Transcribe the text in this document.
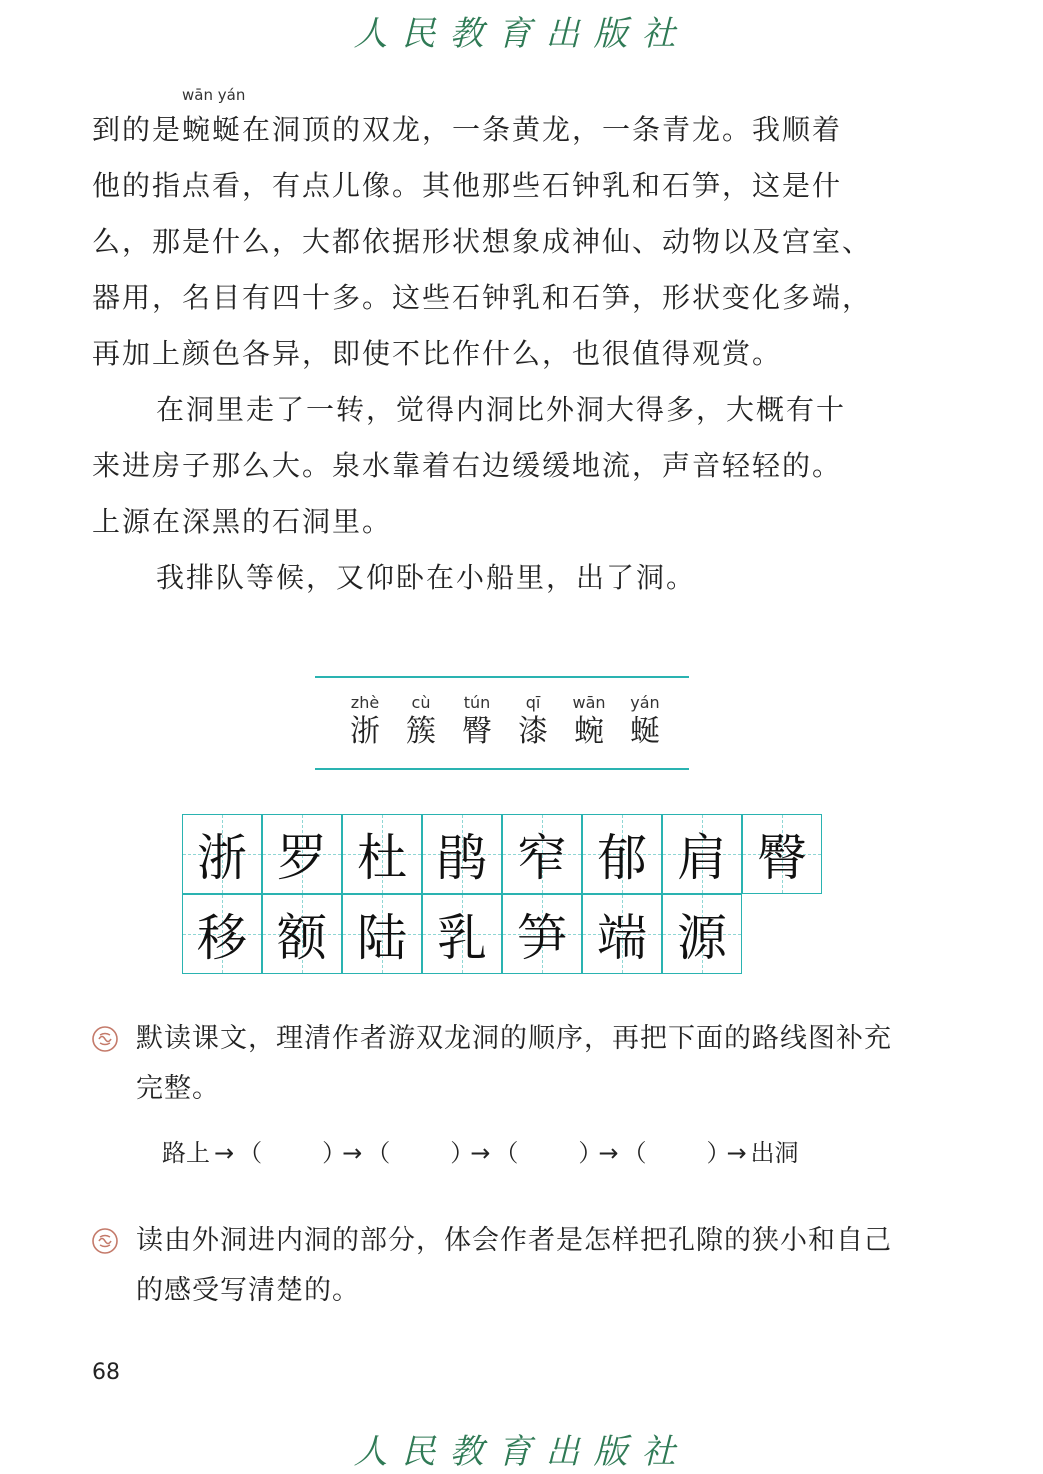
人民教育出版社
到的是
wān yán
蜿蜒在洞顶的双龙，一条黄龙，一条青龙。我顺着
他的指点看，有点儿像。其他那些石钟乳和石笋，这是什
么，那是什么，大都依据形状想象成神仙、动物以及宫室、
器用，名目有四十多。这些石钟乳和石笋，形状变化多端，
再加上颜色各异，即使不比作什么，也很值得观赏。
在洞里走了一转，觉得内洞比外洞大得多，大概有十
来进房子那么大。泉水靠着右边缓缓地流，声音轻轻的。
上源在深黑的石洞里。
我排队等候，又仰卧在小船里，出了洞。
zhè
浙
cù
簇
tún
臀
qī
漆
wān
蜿
yán
蜒
浙 罗 杜 鹃 窄 郁 肩 臀
移 额 陆 乳 笋 端 源
默读课文，理清作者游双龙洞的顺序，再把下面的路线图补充
完整。
路上 → （	）→ （	）→ （	）→ （	）→ 出洞
读由外洞进内洞的部分，体会作者是怎样把孔隙的狭小和自己
的感受写清楚的。
68
人民教育出版社
